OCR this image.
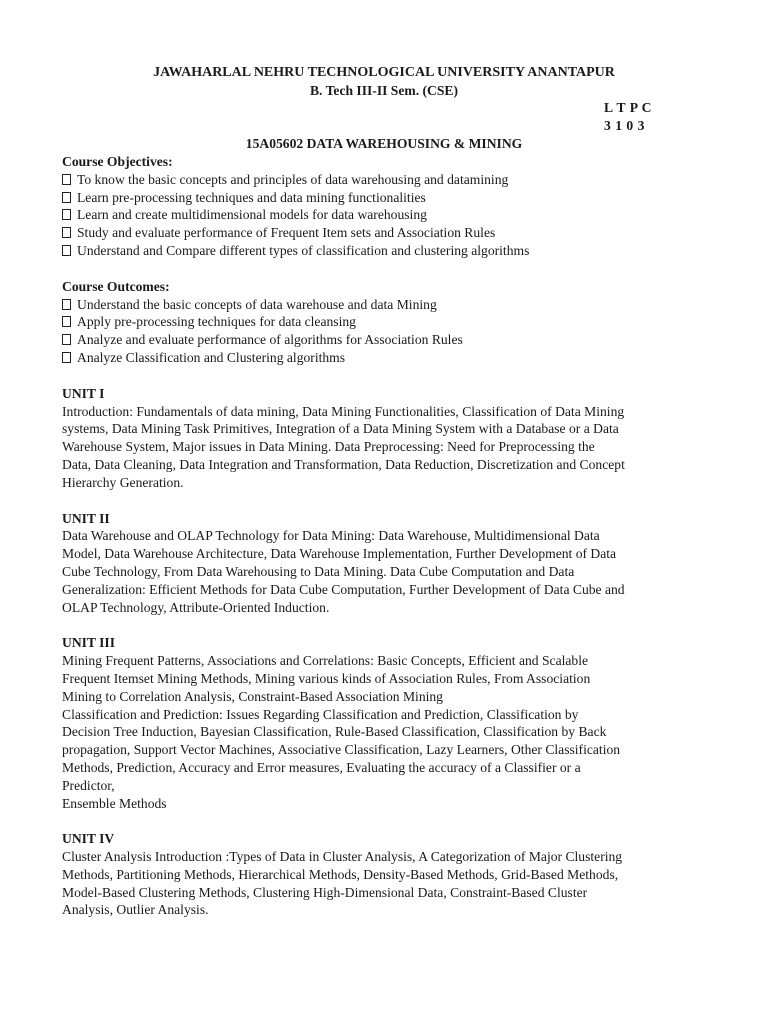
JAWAHARLAL NEHRU TECHNOLOGICAL UNIVERSITY ANANTAPUR
B. Tech III-II Sem. (CSE)
L T P C
3 1 0 3
15A05602 DATA WAREHOUSING & MINING

Course Objectives:

To know the basic concepts and principles of data warehousing and datamining
Learn pre-processing techniques and data mining functionalities
Learn and create multidimensional models for data warehousing
Study and evaluate performance of Frequent Item sets and Association Rules
Understand and Compare different types of classification and clustering algorithms

Course Outcomes:

Understand the basic concepts of data warehouse and data Mining
Apply pre-processing techniques for data cleansing
Analyze and evaluate performance of algorithms for Association Rules
Analyze Classification and Clustering algorithms

UNIT I

Introduction: Fundamentals of data mining, Data Mining Functionalities, Classification of Data Mining
systems, Data Mining Task Primitives, Integration of a Data Mining System with a Database or a Data
Warehouse System, Major issues in Data Mining. Data Preprocessing: Need for Preprocessing the
Data, Data Cleaning, Data Integration and Transformation, Data Reduction, Discretization and Concept
Hierarchy Generation.

UNIT II

Data Warehouse and OLAP Technology for Data Mining: Data Warehouse, Multidimensional Data
Model, Data Warehouse Architecture, Data Warehouse Implementation, Further Development of Data
Cube Technology, From Data Warehousing to Data Mining. Data Cube Computation and Data
Generalization: Efficient Methods for Data Cube Computation, Further Development of Data Cube and
OLAP Technology, Attribute-Oriented Induction.

UNIT III

Mining Frequent Patterns, Associations and Correlations: Basic Concepts, Efficient and Scalable
Frequent Itemset Mining Methods, Mining various kinds of Association Rules, From Association
Mining to Correlation Analysis, Constraint-Based Association Mining
Classification and Prediction: Issues Regarding Classification and Prediction, Classification by
Decision Tree Induction, Bayesian Classification, Rule-Based Classification, Classification by Back
propagation, Support Vector Machines, Associative Classification, Lazy Learners, Other Classification
Methods, Prediction, Accuracy and Error measures, Evaluating the accuracy of a Classifier or a
Predictor,
Ensemble Methods

UNIT IV

Cluster Analysis Introduction :Types of Data in Cluster Analysis, A Categorization of Major Clustering
Methods, Partitioning Methods, Hierarchical Methods, Density-Based Methods, Grid-Based Methods,
Model-Based Clustering Methods, Clustering High-Dimensional Data, Constraint-Based Cluster
Analysis, Outlier Analysis.
